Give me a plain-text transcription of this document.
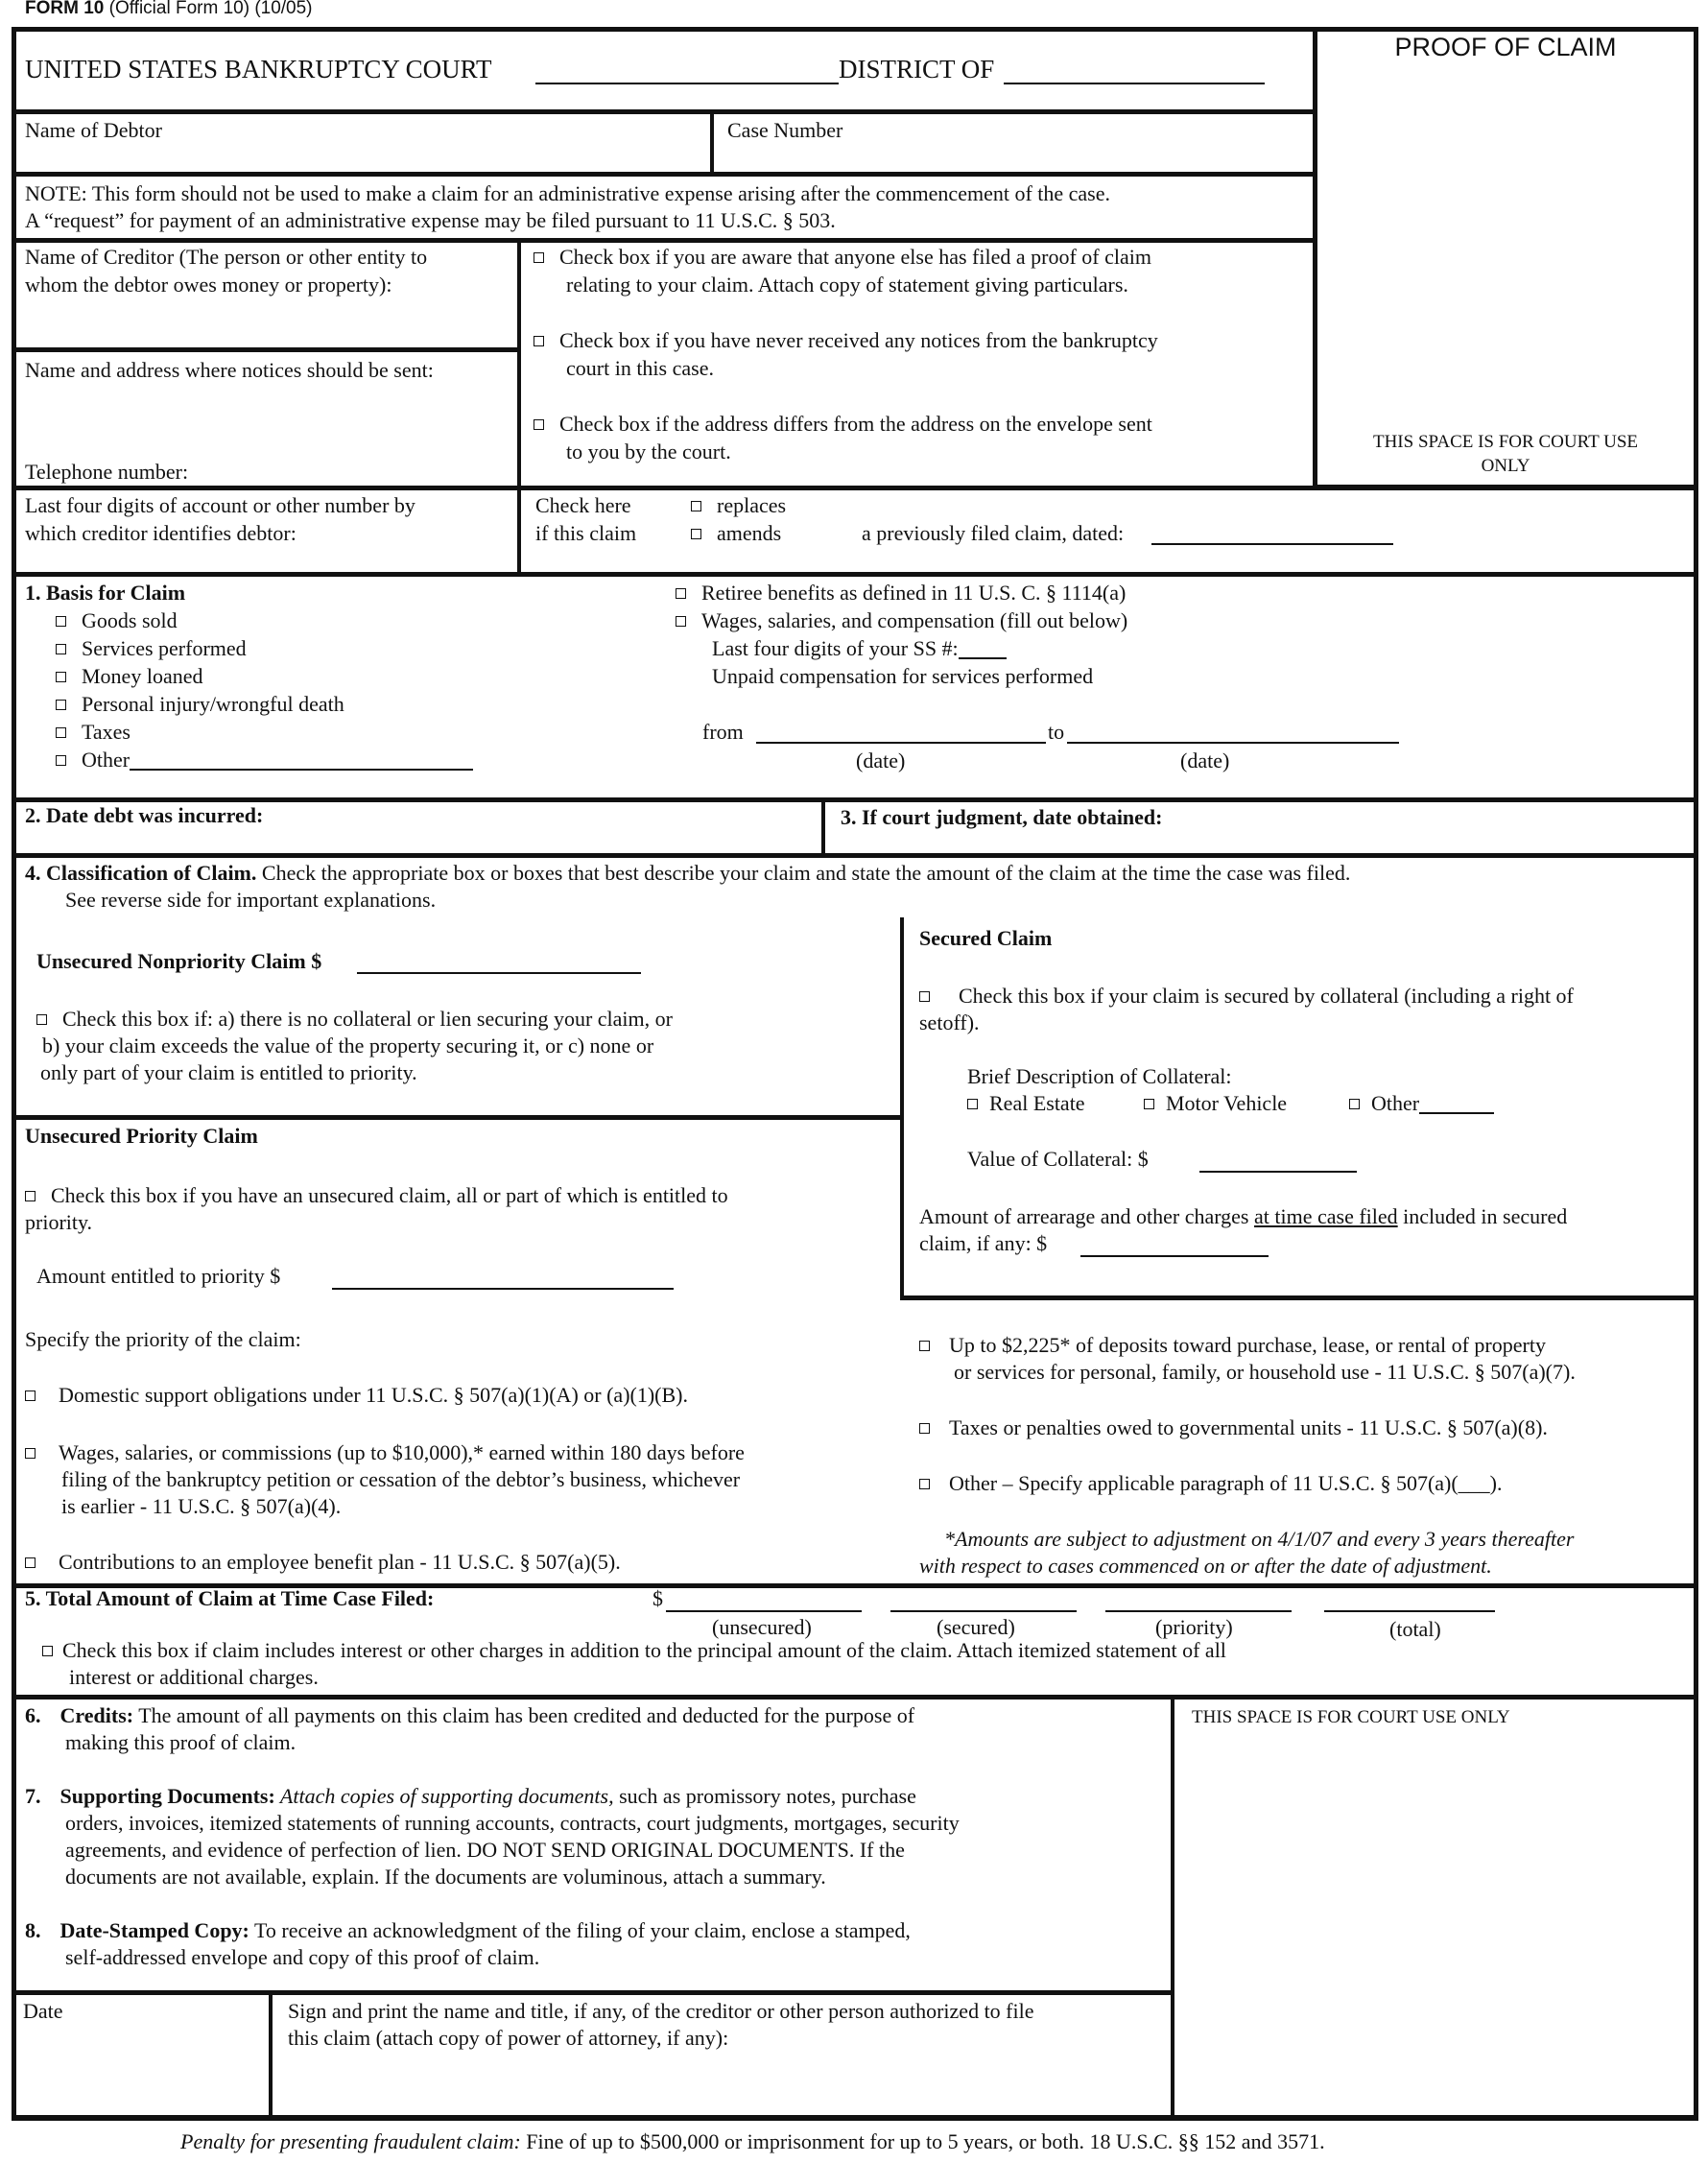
FORM 10 (Official Form 10) (10/05)
PROOF OF CLAIM
THIS SPACE IS FOR COURT USE
ONLY
UNITED STATES BANKRUPTCY COURT	DISTRICT OF
Name of Debtor	Case Number
NOTE: This form should not be used to make a claim for an administrative expense arising after the commencement of the case.
A “request” for payment of an administrative expense may be filed pursuant to 11 U.S.C. § 503.
Name of Creditor (The person or other entity to
whom the debtor owes money or property):
Name and address where notices should be sent:
Telephone number:
Check box if you are aware that anyone else has filed a proof of claim
relating to your claim. Attach copy of statement giving particulars.
Check box if you have never received any notices from the bankruptcy
court in this case.
Check box if the address differs from the address on the envelope sent
to you by the court.
Last four digits of account or other number by
which creditor identifies debtor:
Check here
if this claim
replaces
amends	a previously filed claim, dated:
1. Basis for Claim
Goods sold
Services performed
Money loaned
Personal injury/wrongful death
Taxes
Other
Retiree benefits as defined in 11 U.S. C. § 1114(a)
Wages, salaries, and compensation (fill out below)
Last four digits of your SS #:
Unpaid compensation for services performed
from	to
(date)	(date)
2. Date debt was incurred:	3. If court judgment, date obtained:
4. Classification of Claim. Check the appropriate box or boxes that best describe your claim and state the amount of the claim at the time the case was filed.
See reverse side for important explanations.
Unsecured Nonpriority Claim $
Check this box if: a) there is no collateral or lien securing your claim, or
b) your claim exceeds the value of the property securing it, or c) none or
only part of your claim is entitled to priority.
Secured Claim
Check this box if your claim is secured by collateral (including a right of
setoff).
Brief Description of Collateral:
Real Estate	Motor Vehicle	Other
Value of Collateral: $
Amount of arrearage and other charges at time case filed included in secured
claim, if any: $
Unsecured Priority Claim
Check this box if you have an unsecured claim, all or part of which is entitled to
priority.
Amount entitled to priority $
Specify the priority of the claim:
Domestic support obligations under 11 U.S.C. § 507(a)(1)(A) or (a)(1)(B).
Wages, salaries, or commissions (up to $10,000),* earned within 180 days before
filing of the bankruptcy petition or cessation of the debtor’s business, whichever
is earlier - 11 U.S.C. § 507(a)(4).
Contributions to an employee benefit plan - 11 U.S.C. § 507(a)(5).
Up to $2,225* of deposits toward purchase, lease, or rental of property
or services for personal, family, or household use - 11 U.S.C. § 507(a)(7).
Taxes or penalties owed to governmental units - 11 U.S.C. § 507(a)(8).
Other – Specify applicable paragraph of 11 U.S.C. § 507(a)(___).
*Amounts are subject to adjustment on 4/1/07 and every 3 years thereafter
with respect to cases commenced on or after the date of adjustment.
5. Total Amount of Claim at Time Case Filed:	$
(unsecured)	(secured)	(priority)	(total)
Check this box if claim includes interest or other charges in addition to the principal amount of the claim. Attach itemized statement of all
interest or additional charges.
THIS SPACE IS FOR COURT USE ONLY
6. Credits: The amount of all payments on this claim has been credited and deducted for the purpose of
making this proof of claim.
7. Supporting Documents: Attach copies of supporting documents, such as promissory notes, purchase
orders, invoices, itemized statements of running accounts, contracts, court judgments, mortgages, security
agreements, and evidence of perfection of lien. DO NOT SEND ORIGINAL DOCUMENTS. If the
documents are not available, explain. If the documents are voluminous, attach a summary.
8. Date-Stamped Copy: To receive an acknowledgment of the filing of your claim, enclose a stamped,
self-addressed envelope and copy of this proof of claim.
Date	Sign and print the name and title, if any, of the creditor or other person authorized to file
this claim (attach copy of power of attorney, if any):
Penalty for presenting fraudulent claim: Fine of up to $500,000 or imprisonment for up to 5 years, or both. 18 U.S.C. §§ 152 and 3571.
